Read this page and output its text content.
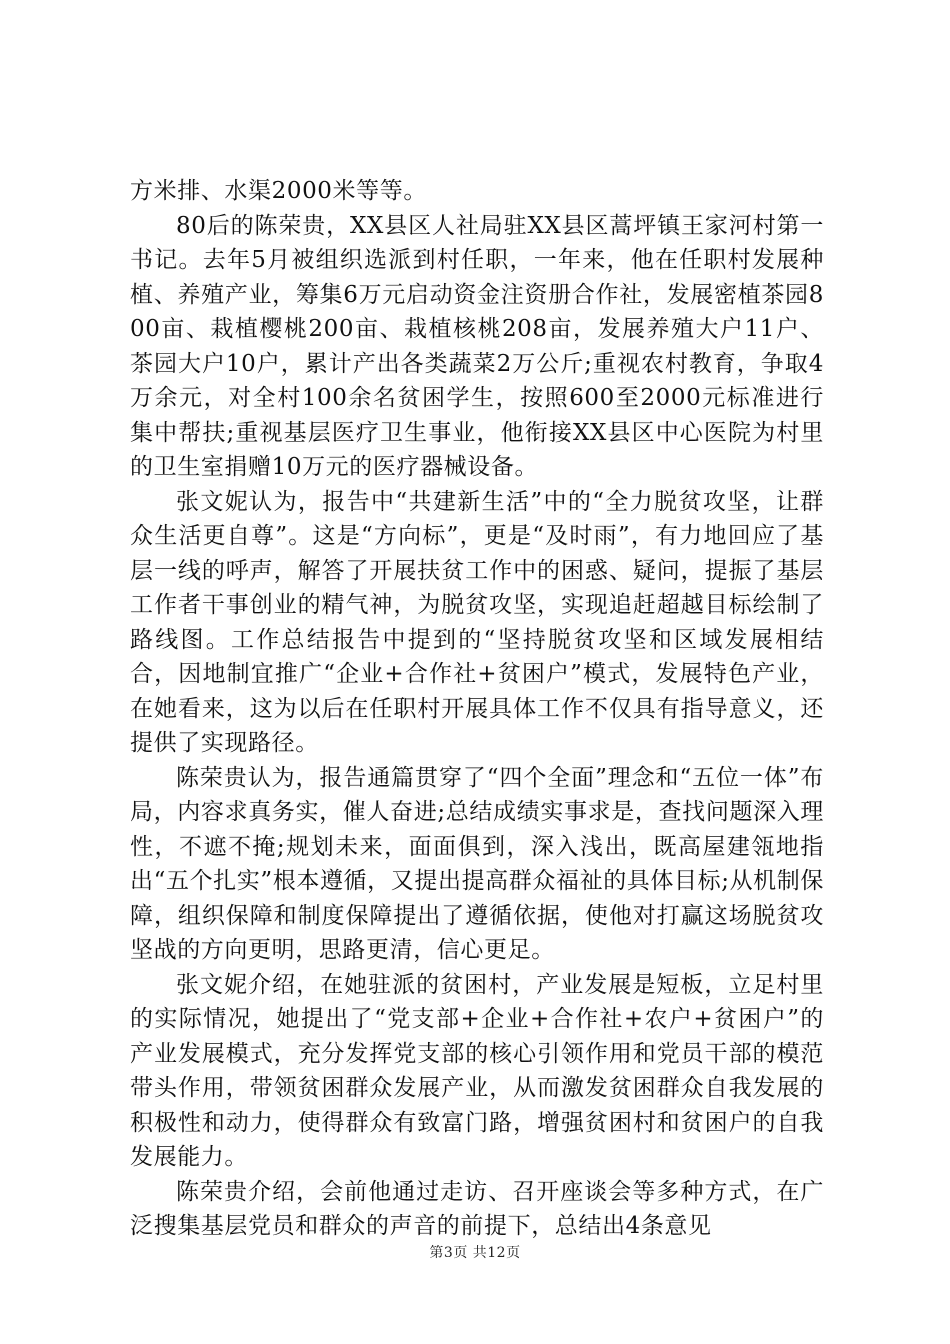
方米排、水渠2000米等等。

80后的陈荣贵，XX县区人社局驻XX县区蒿坪镇王家河村第一书记。去年5月被组织选派到村任职，一年来，他在任职村发展种植、养殖产业，筹集6万元启动资金注资册合作社，发展密植茶园800亩、栽植樱桃200亩、栽植核桃208亩，发展养殖大户11户、茶园大户10户，累计产出各类蔬菜2万公斤;重视农村教育，争取4万余元，对全村100余名贫困学生，按照600至2000元标准进行集中帮扶;重视基层医疗卫生事业，他衔接XX县区中心医院为村里的卫生室捐赠10万元的医疗器械设备。

张文妮认为，报告中“共建新生活”中的“全力脱贫攻坚，让群众生活更自尊”。这是“方向标”，更是“及时雨”，有力地回应了基层一线的呼声，解答了开展扶贫工作中的困惑、疑问，提振了基层工作者干事创业的精气神，为脱贫攻坚，实现追赶超越目标绘制了路线图。工作总结报告中提到的“坚持脱贫攻坚和区域发展相结合，因地制宜推广“企业+合作社+贫困户”模式，发展特色产业，在她看来，这为以后在任职村开展具体工作不仅具有指导意义，还提供了实现路径。

陈荣贵认为，报告通篇贯穿了“四个全面”理念和“五位一体”布局，内容求真务实，催人奋进;总结成绩实事求是，查找问题深入理性，不遮不掩;规划未来，面面俱到，深入浅出，既高屋建瓴地指出“五个扎实”根本遵循，又提出提高群众福祉的具体目标;从机制保障，组织保障和制度保障提出了遵循依据，使他对打赢这场脱贫攻坚战的方向更明，思路更清，信心更足。

张文妮介绍，在她驻派的贫困村，产业发展是短板，立足村里的实际情况，她提出了“党支部+企业+合作社+农户+贫困户”的产业发展模式，充分发挥党支部的核心引领作用和党员干部的模范带头作用，带领贫困群众发展产业，从而激发贫困群众自我发展的积极性和动力，使得群众有致富门路，增强贫困村和贫困户的自我发展能力。

陈荣贵介绍，会前他通过走访、召开座谈会等多种方式，在广泛搜集基层党员和群众的声音的前提下，总结出4条意见

第3页 共12页
